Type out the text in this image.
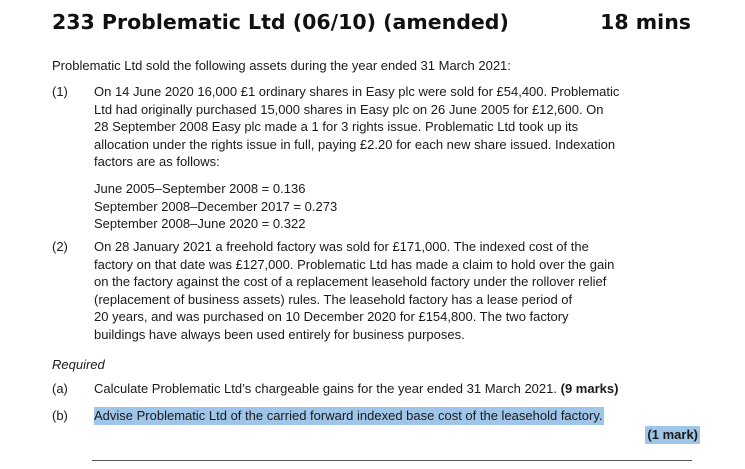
233 Problematic Ltd (06/10) (amended)	18 mins
Problematic Ltd sold the following assets during the year ended 31 March 2021:
(1) On 14 June 2020 16,000 £1 ordinary shares in Easy plc were sold for £54,400. Problematic
Ltd had originally purchased 15,000 shares in Easy plc on 26 June 2005 for £12,600. On
28 September 2008 Easy plc made a 1 for 3 rights issue. Problematic Ltd took up its
allocation under the rights issue in full, paying £2.20 for each new share issued. Indexation
factors are as follows:
June 2005–September 2008 = 0.136
September 2008–December 2017 = 0.273
September 2008–June 2020 = 0.322
(2) On 28 January 2021 a freehold factory was sold for £171,000. The indexed cost of the
factory on that date was £127,000. Problematic Ltd has made a claim to hold over the gain
on the factory against the cost of a replacement leasehold factory under the rollover relief
(replacement of business assets) rules. The leasehold factory has a lease period of
20 years, and was purchased on 10 December 2020 for £154,800. The two factory
buildings have always been used entirely for business purposes.
Required
(a) Calculate Problematic Ltd’s chargeable gains for the year ended 31 March 2021. (9 marks)
(b) Advise Problematic Ltd of the carried forward indexed base cost of the leasehold factory.
(1 mark)
